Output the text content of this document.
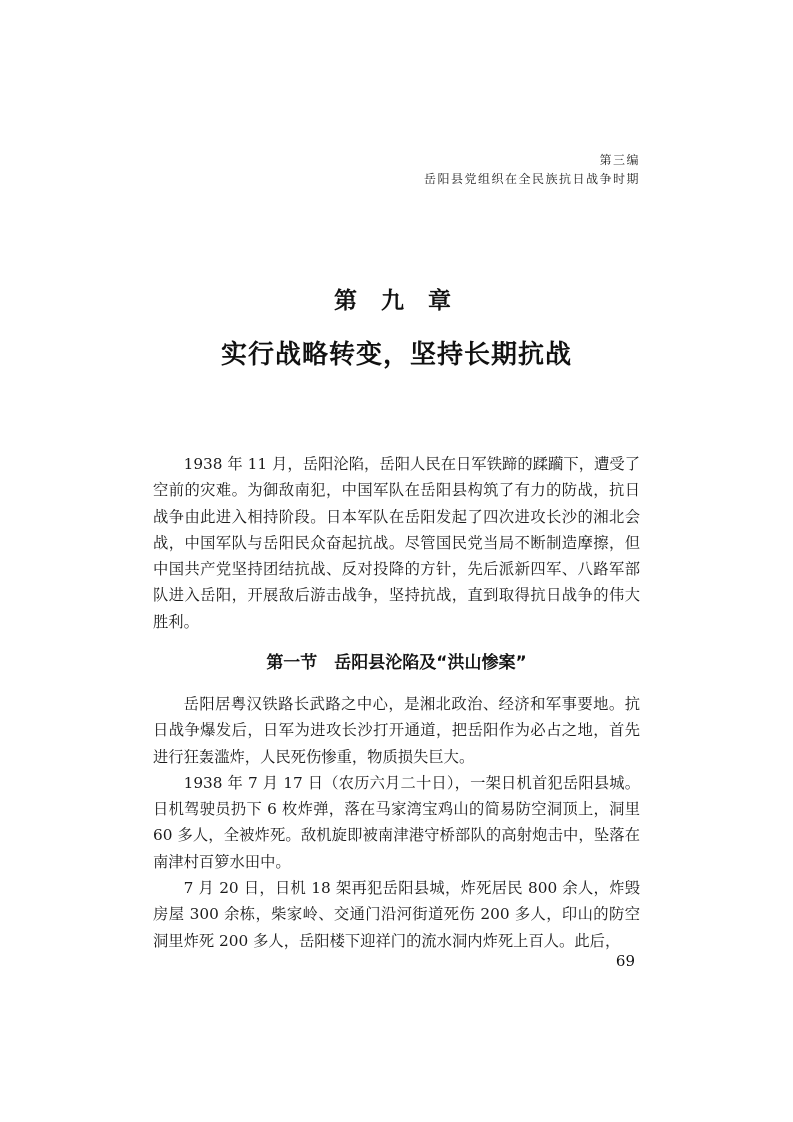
第三编
岳阳县党组织在全民族抗日战争时期
第 九 章
实行战略转变，坚持长期抗战

1938 年 11 月，岳阳沦陷，岳阳人民在日军铁蹄的蹂躏下，遭受了空前的灾难。为御敌南犯，中国军队在岳阳县构筑了有力的防战，抗日战争由此进入相持阶段。日本军队在岳阳发起了四次进攻长沙的湘北会战，中国军队与岳阳民众奋起抗战。尽管国民党当局不断制造摩擦，但中国共产党坚持团结抗战、反对投降的方针，先后派新四军、八路军部队进入岳阳，开展敌后游击战争，坚持抗战，直到取得抗日战争的伟大胜利。

第一节　岳阳县沦陷及“洪山惨案”

岳阳居粤汉铁路长武路之中心，是湘北政治、经济和军事要地。抗日战争爆发后，日军为进攻长沙打开通道，把岳阳作为必占之地，首先进行狂轰滥炸，人民死伤惨重，物质损失巨大。

1938 年 7 月 17 日（农历六月二十日），一架日机首犯岳阳县城。日机驾驶员扔下 6 枚炸弹，落在马家湾宝鸡山的简易防空洞顶上，洞里 60 多人，全被炸死。敌机旋即被南津港守桥部队的高射炮击中，坠落在南津村百箩水田中。

7 月 20 日，日机 18 架再犯岳阳县城，炸死居民 800 余人，炸毁房屋 300 余栋，柴家岭、交通门沿河街道死伤 200 多人，印山的防空洞里炸死 200 多人，岳阳楼下迎祥门的流水洞内炸死上百人。此后，

69
